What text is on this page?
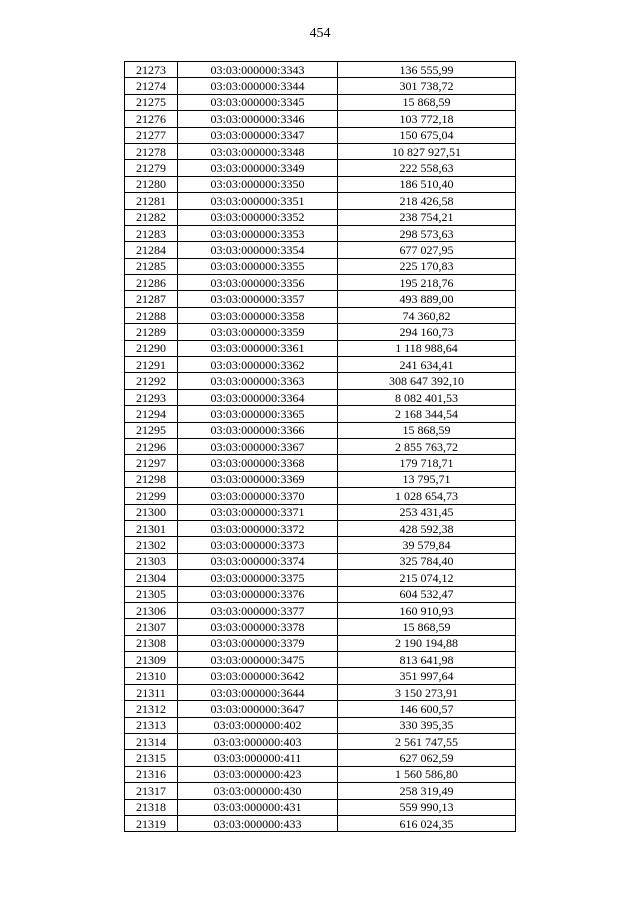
454
21273	03:03:000000:3343	136 555,99
21274	03:03:000000:3344	301 738,72
21275	03:03:000000:3345	15 868,59
21276	03:03:000000:3346	103 772,18
21277	03:03:000000:3347	150 675,04
21278	03:03:000000:3348	10 827 927,51
21279	03:03:000000:3349	222 558,63
21280	03:03:000000:3350	186 510,40
21281	03:03:000000:3351	218 426,58
21282	03:03:000000:3352	238 754,21
21283	03:03:000000:3353	298 573,63
21284	03:03:000000:3354	677 027,95
21285	03:03:000000:3355	225 170,83
21286	03:03:000000:3356	195 218,76
21287	03:03:000000:3357	493 889,00
21288	03:03:000000:3358	74 360,82
21289	03:03:000000:3359	294 160,73
21290	03:03:000000:3361	1 118 988,64
21291	03:03:000000:3362	241 634,41
21292	03:03:000000:3363	308 647 392,10
21293	03:03:000000:3364	8 082 401,53
21294	03:03:000000:3365	2 168 344,54
21295	03:03:000000:3366	15 868,59
21296	03:03:000000:3367	2 855 763,72
21297	03:03:000000:3368	179 718,71
21298	03:03:000000:3369	13 795,71
21299	03:03:000000:3370	1 028 654,73
21300	03:03:000000:3371	253 431,45
21301	03:03:000000:3372	428 592,38
21302	03:03:000000:3373	39 579,84
21303	03:03:000000:3374	325 784,40
21304	03:03:000000:3375	215 074,12
21305	03:03:000000:3376	604 532,47
21306	03:03:000000:3377	160 910,93
21307	03:03:000000:3378	15 868,59
21308	03:03:000000:3379	2 190 194,88
21309	03:03:000000:3475	813 641,98
21310	03:03:000000:3642	351 997,64
21311	03:03:000000:3644	3 150 273,91
21312	03:03:000000:3647	146 600,57
21313	03:03:000000:402	330 395,35
21314	03:03:000000:403	2 561 747,55
21315	03:03:000000:411	627 062,59
21316	03:03:000000:423	1 560 586,80
21317	03:03:000000:430	258 319,49
21318	03:03:000000:431	559 990,13
21319	03:03:000000:433	616 024,35
